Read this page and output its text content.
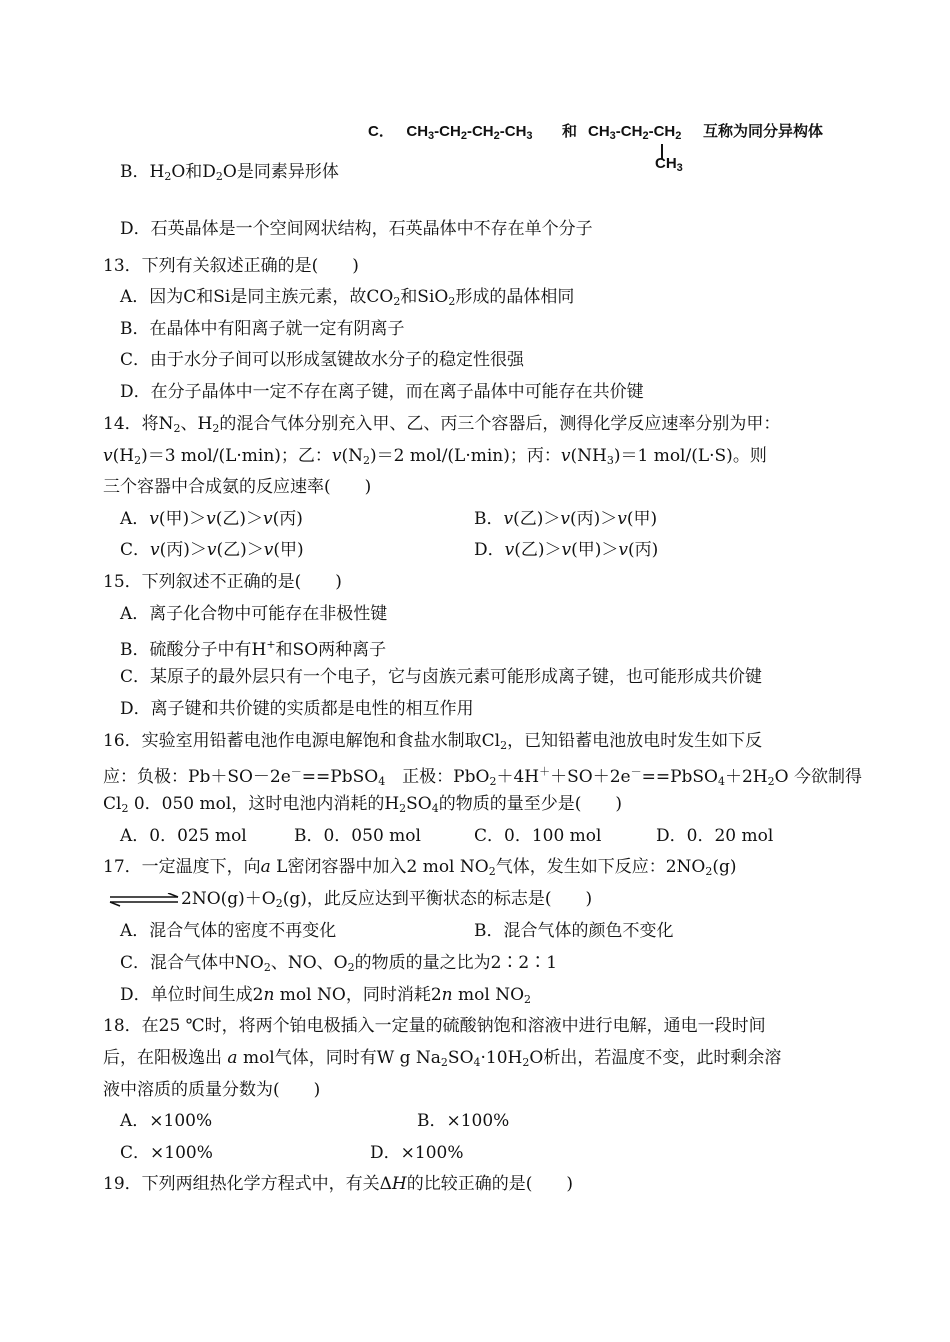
C． $CH_3-CH_2-CH_2-CH_3$ 和 $CH_3-CH_2-CH_2$
$CH_3$
互称为同分异构体
B．$H_2O$和$D_2O$是同素异形体
D．石英晶体是一个空间网状结构，石英晶体中不存在单个分子
13．下列有关叙述正确的是(　　)
A．因为C和Si是同主族元素，故$CO_2$和SiO$_2$形成的晶体相同
B．在晶体中有阳离子就一定有阴离子
C．由于水分子间可以形成氢键故水分子的稳定性很强
D．在分子晶体中一定不存在离子键，而在离子晶体中可能存在共价键
14．将$N_2$、$H_2$的混合气体分别充入甲、乙、丙三个容器后，测得化学反应速率分别为甲：
$v(H_2)=3$ mol/(L·min)；乙：$v(N_2)=2$ mol/(L·min)；丙：$v(NH_3)=1$ mol/(L·S)。则
三个容器中合成氨的反应速率(　　)
A．v(甲)＞v(乙)＞v(丙)	B．v(乙)＞v(丙)＞v(甲)
C．v(丙)＞v(乙)＞v(甲)	D．v(乙)＞v(甲)＞v(丙)
15．下列叙述不正确的是(　　)
A．离子化合物中可能存在非极性键
B．硫酸分子中有H+和SO两种离子
C．某原子的最外层只有一个电子，它与卤族元素可能形成离子键，也可能形成共价键
D．离子键和共价键的实质都是电性的相互作用
16．实验室用铅蓄电池作电源电解饱和食盐水制取$Cl_2$，已知铅蓄电池放电时发生如下反
应：负极：Pb＋SO－2e－==PbSO$_4$　正极：$PbO_2+4H^++SO+2e^-==PbSO_4+2H_2O$ 今欲制得
$Cl_2$ 0．050 mol，这时电池内消耗的$H_2SO_4$的物质的量至少是(　　)
A．0．025 mol	B．0．050 mol	C．0．100 mol	D．0．20 mol
17．一定温度下，向a L密闭容器中加入2 mol $NO_2$气体，发生如下反应：$2NO_2(g)$
$2NO(g)+O_2(g)$，此反应达到平衡状态的标志是(　　)
A．混合气体的密度不再变化	B．混合气体的颜色不变化
C．混合气体中$NO_2$、NO、$O_2$的物质的量之比为2∶2∶1
D．单位时间生成2n mol NO，同时消耗2n mol $NO_2$
18．在25 ℃时，将两个铂电极插入一定量的硫酸钠饱和溶液中进行电解，通电一段时间
后，在阳极逸出 a mol气体，同时有W g $Na_2SO_4\cdot 10H_2O$析出，若温度不变，此时剩余溶
液中溶质的质量分数为(　　)
A．×100%	B．×100%
C．×100%	D．×100%
19．下列两组热化学方程式中，有关ΔH的比较正确的是(　　)
